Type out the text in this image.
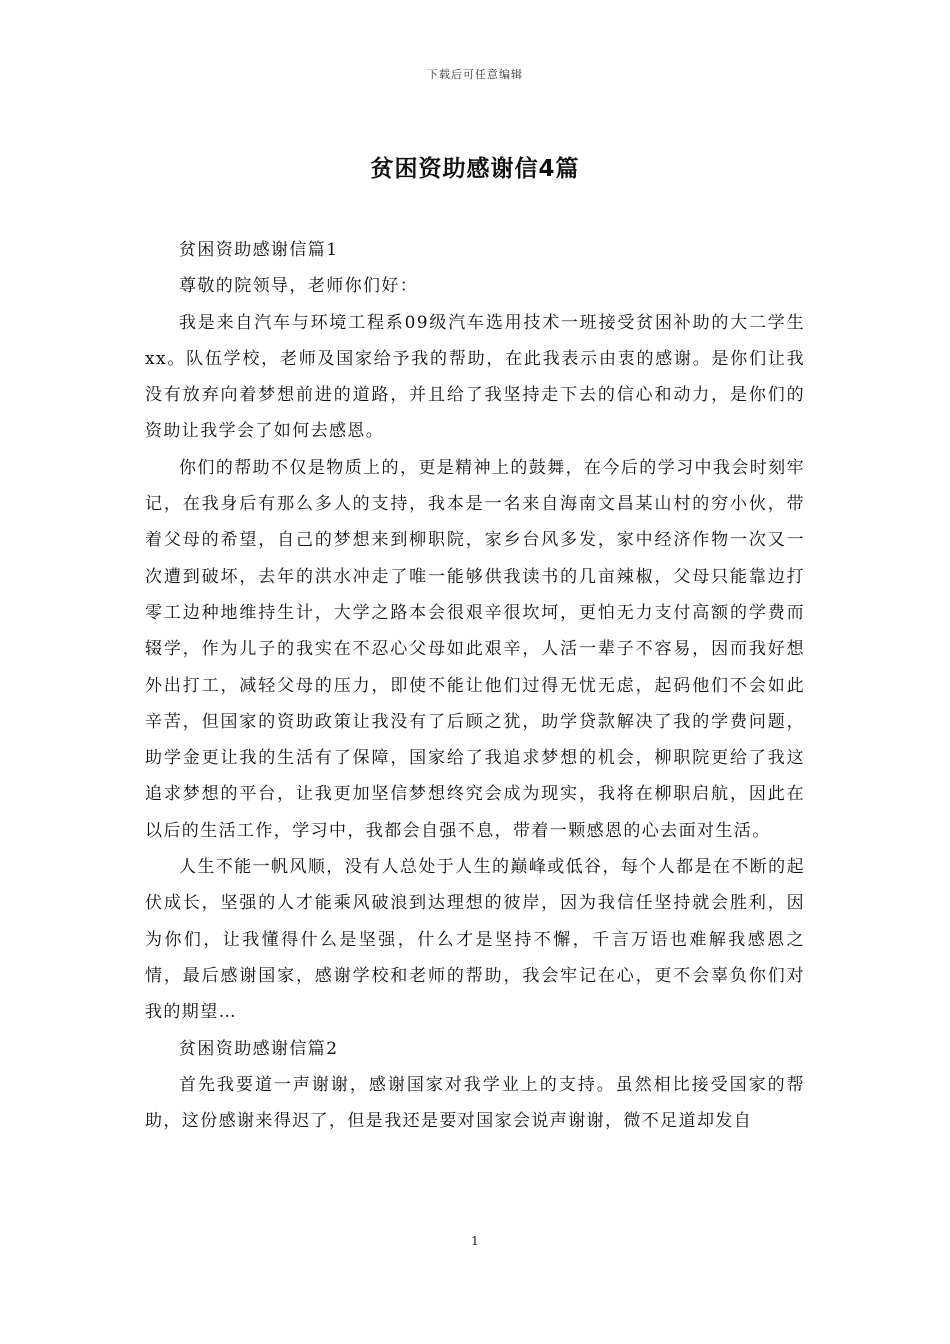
下载后可任意编辑
贫困资助感谢信4篇

贫困资助感谢信篇1

尊敬的院领导，老师你们好：

我是来自汽车与环境工程系09级汽车选用技术一班接受贫困补助的大二学生xx。队伍学校，老师及国家给予我的帮助，在此我表示由衷的感谢。是你们让我没有放弃向着梦想前进的道路，并且给了我坚持走下去的信心和动力，是你们的资助让我学会了如何去感恩。

你们的帮助不仅是物质上的，更是精神上的鼓舞，在今后的学习中我会时刻牢记，在我身后有那么多人的支持，我本是一名来自海南文昌某山村的穷小伙，带着父母的希望，自己的梦想来到柳职院，家乡台风多发，家中经济作物一次又一次遭到破坏，去年的洪水冲走了唯一能够供我读书的几亩辣椒，父母只能靠边打零工边种地维持生计，大学之路本会很艰辛很坎坷，更怕无力支付高额的学费而辍学，作为儿子的我实在不忍心父母如此艰辛，人活一辈子不容易，因而我好想外出打工，减轻父母的压力，即使不能让他们过得无忧无虑，起码他们不会如此辛苦，但国家的资助政策让我没有了后顾之犹，助学贷款解决了我的学费问题，助学金更让我的生活有了保障，国家给了我追求梦想的机会，柳职院更给了我这追求梦想的平台，让我更加坚信梦想终究会成为现实，我将在柳职启航，因此在以后的生活工作，学习中，我都会自强不息，带着一颗感恩的心去面对生活。

人生不能一帆风顺，没有人总处于人生的巅峰或低谷，每个人都是在不断的起伏成长，坚强的人才能乘风破浪到达理想的彼岸，因为我信任坚持就会胜利，因为你们，让我懂得什么是坚强，什么才是坚持不懈，千言万语也难解我感恩之情，最后感谢国家，感谢学校和老师的帮助，我会牢记在心，更不会辜负你们对我的期望…

贫困资助感谢信篇2

首先我要道一声谢谢，感谢国家对我学业上的支持。虽然相比接受国家的帮助，这份感谢来得迟了，但是我还是要对国家会说声谢谢，微不足道却发自

1
